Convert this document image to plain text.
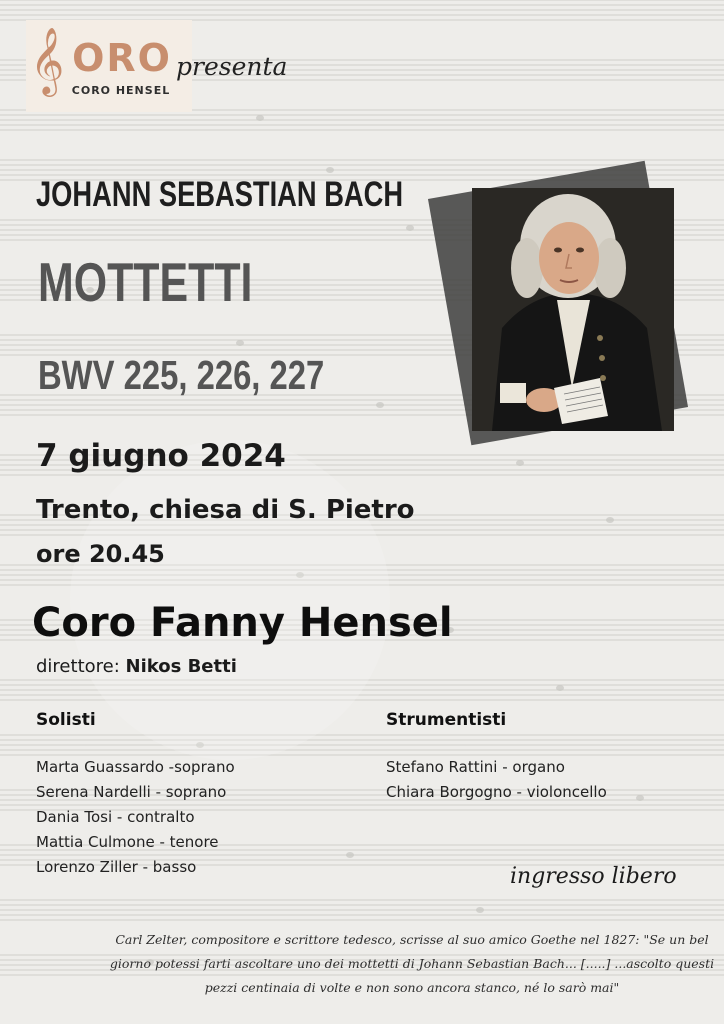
𝄞 ORO
CORO HENSEL
presenta
JOHANN SEBASTIAN BACH
MOTTETTI
BWV 225, 226, 227
7 giugno 2024
Trento, chiesa di S. Pietro
ore 20.45
Coro Fanny Hensel
direttore: Nikos Betti
Solisti
Marta Guassardo -soprano
Serena Nardelli - soprano
Dania Tosi - contralto
Mattia Culmone - tenore
Lorenzo Ziller - basso
Strumentisti
Stefano Rattini - organo
Chiara Borgogno - violoncello
ingresso libero
Carl Zelter, compositore e scrittore tedesco, scrisse al suo amico Goethe nel 1827: "Se un bel giorno potessi farti ascoltare uno dei mottetti di Johann Sebastian Bach... [.....] ...ascolto questi pezzi centinaia di volte e non sono ancora stanco, né lo sarò mai"
